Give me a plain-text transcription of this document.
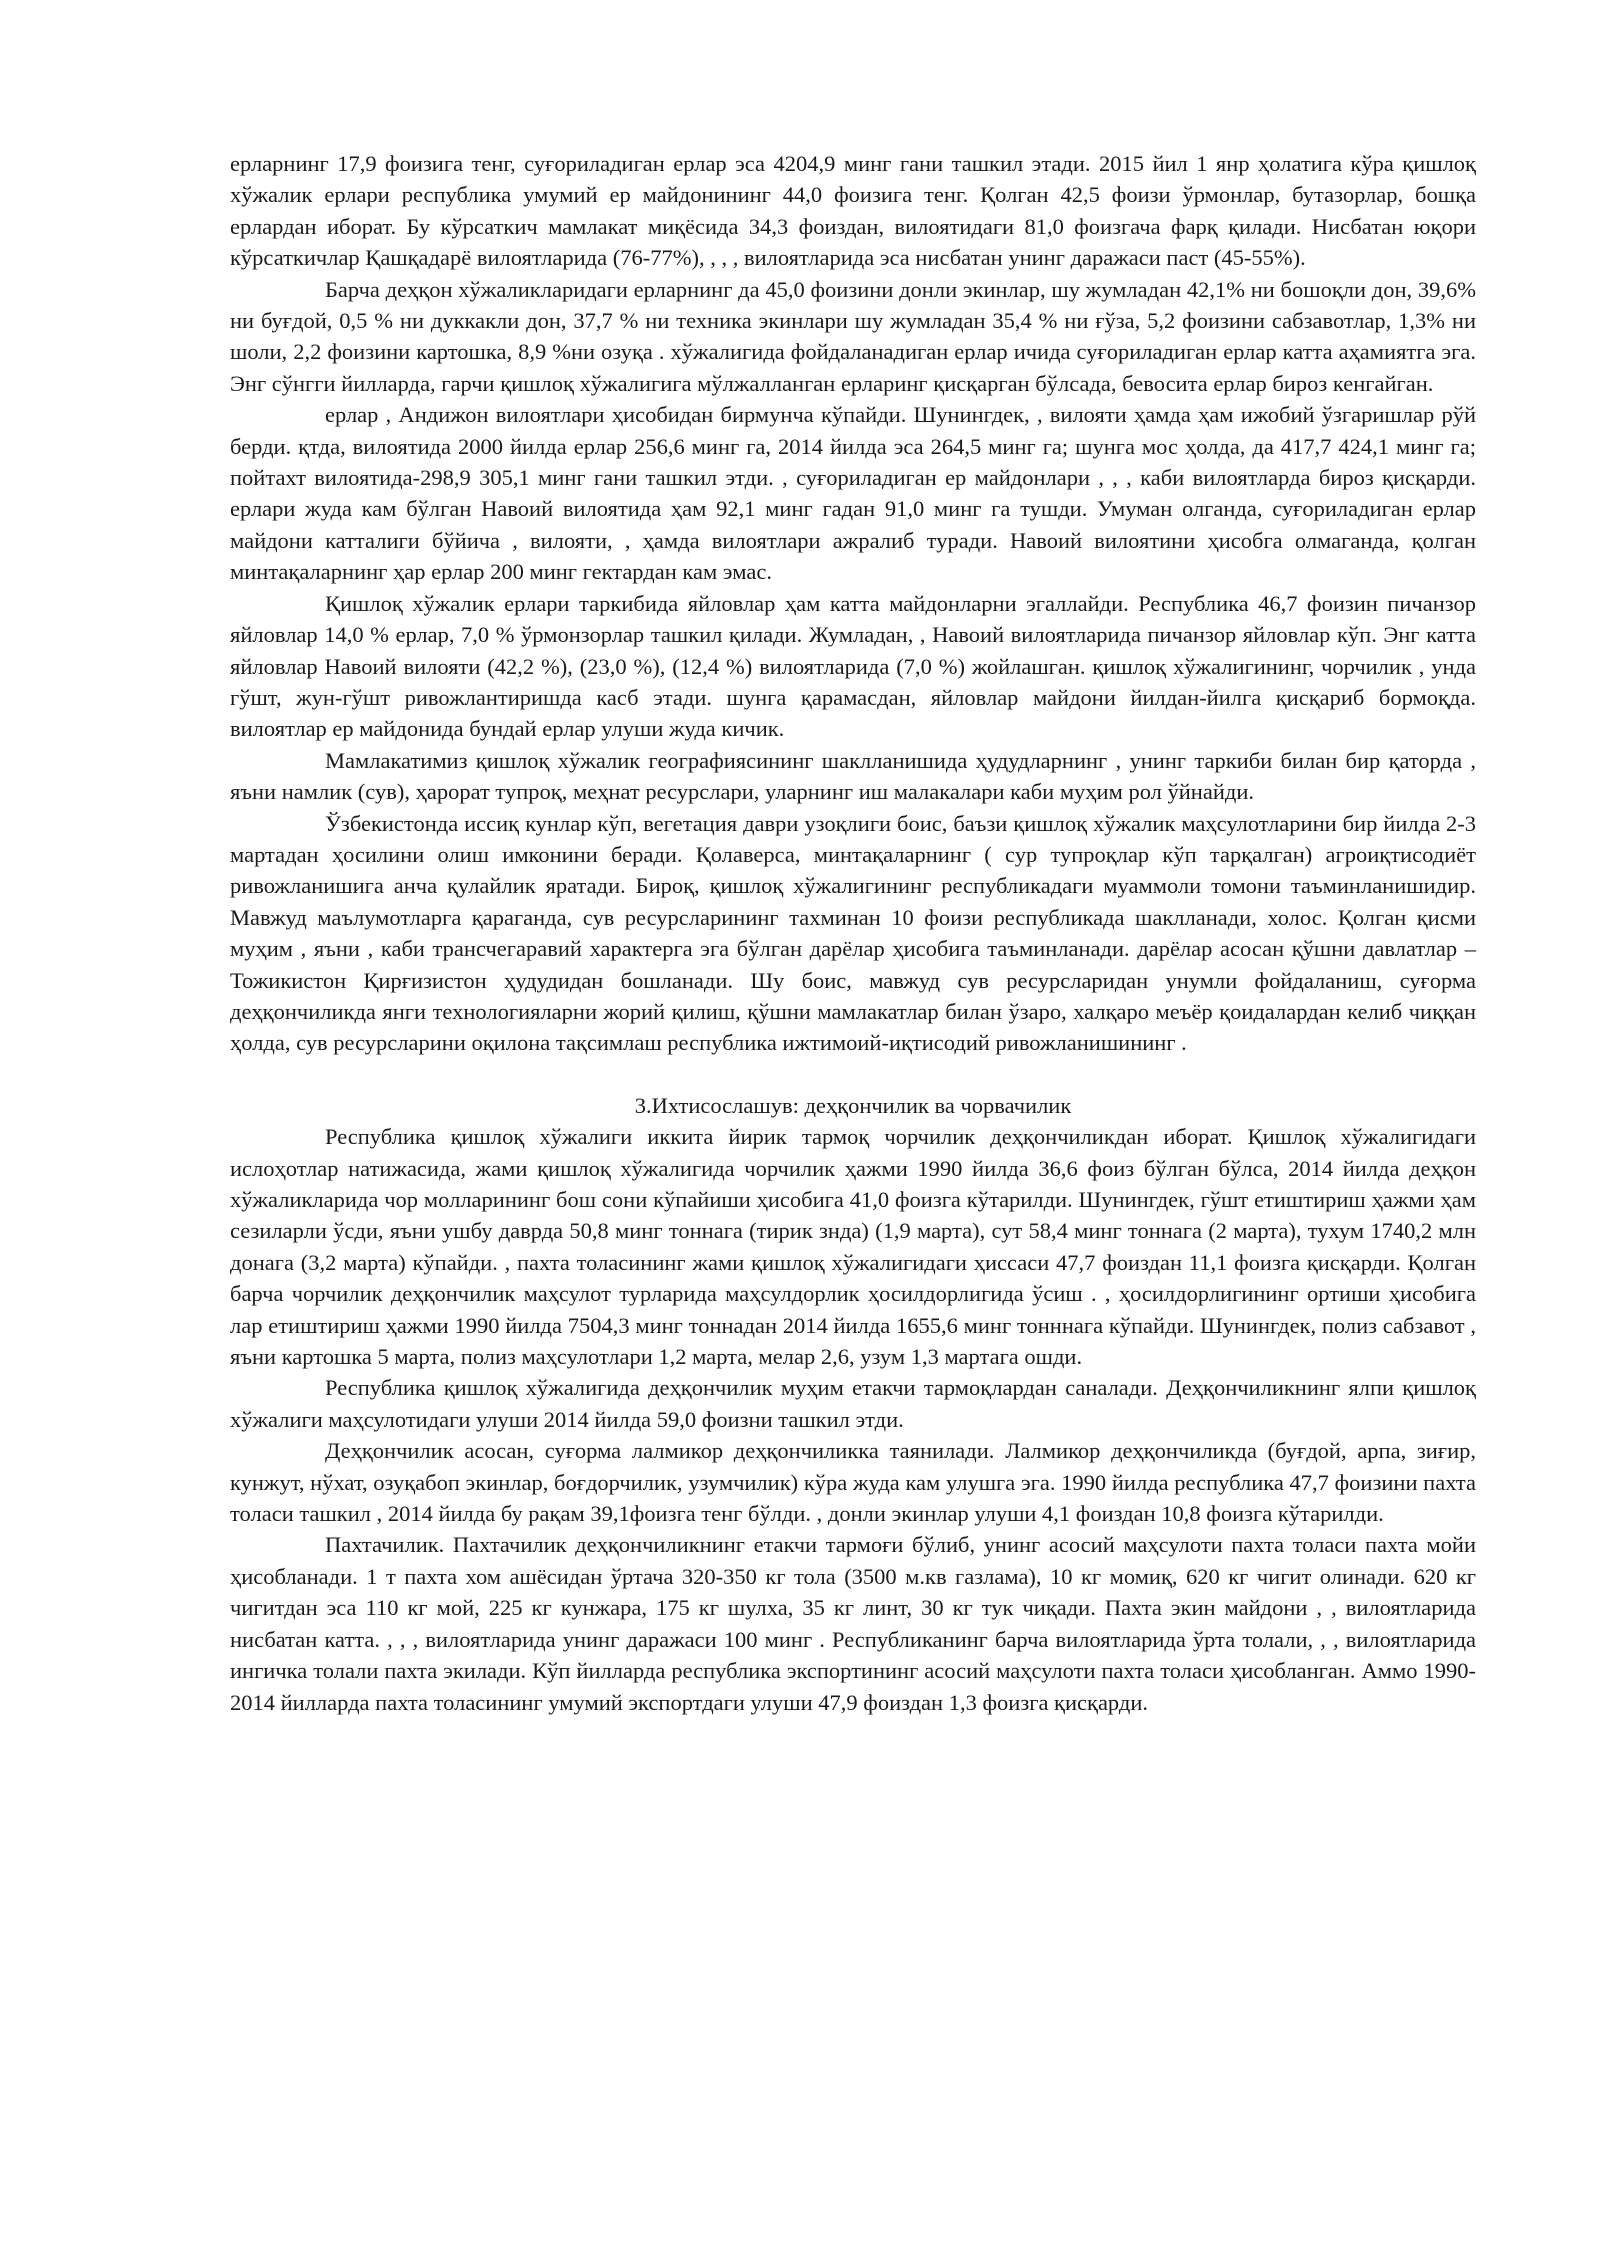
ерларнинг 17,9 фоизига тенг, суғориладиган ерлар эса 4204,9 минг гани ташкил этади. 2015 йил 1 янр ҳолатига кўра қишлоқ хўжалик ерлари республика умумий ер майдонининг 44,0 фоизига тенг. Қолган 42,5 фоизи ўрмонлар, бутазорлар, бошқа ерлардан иборат. Бу кўрсаткич мамлакат миқёсида 34,3 фоиздан, вилоятидаги 81,0 фоизгача фарқ қилади. Нисбатан юқори кўрсаткичлар Қашқадарё вилоятларида (76-77%), , , , вилоятларида эса нисбатан унинг даражаси паст (45-55%).

Барча деҳқон хўжаликларидаги ерларнинг да 45,0 фоизини донли экинлар, шу жумладан 42,1% ни бошоқли дон, 39,6% ни буғдой, 0,5 % ни дуккакли дон, 37,7 % ни техника экинлари шу жумладан 35,4 % ни ғўза, 5,2 фоизини сабзавотлар, 1,3% ни шоли, 2,2 фоизини картошка, 8,9 %ни озуқа . хўжалигида фойдаланадиган ерлар ичида суғориладиган ерлар катта аҳамиятга эга. Энг сўнгги йилларда, гарчи қишлоқ хўжалигига мўлжалланган ерларинг қисқарган бўлсада, бевосита ерлар бироз кенгайган.

ерлар , Андижон вилоятлари ҳисобидан бирмунча кўпайди. Шунингдек, , вилояти ҳамда ҳам ижобий ўзгаришлар рўй берди. қтда, вилоятида 2000 йилда ерлар 256,6 минг га, 2014 йилда эса 264,5 минг га; шунга мос ҳолда, да 417,7 424,1 минг га; пойтахт вилоятида-298,9 305,1 минг гани ташкил этди. , суғориладиган ер майдонлари , , , каби вилоятларда бироз қисқарди. ерлари жуда кам бўлган Навоий вилоятида ҳам 92,1 минг гадан 91,0 минг га тушди. Умуман олганда, суғориладиган ерлар майдони катталиги бўйича , вилояти, , ҳамда вилоятлари ажралиб туради. Навоий вилоятини ҳисобга олмаганда, қолган минтақаларнинг ҳар ерлар 200 минг гектардан кам эмас.

Қишлоқ хўжалик ерлари таркибида яйловлар ҳам катта майдонларни эгаллайди. Республика 46,7 фоизин пичанзор яйловлар 14,0 % ерлар, 7,0 % ўрмонзорлар ташкил қилади. Жумладан, , Навоий вилоятларида пичанзор яйловлар кўп. Энг катта яйловлар Навоий вилояти (42,2 %), (23,0 %), (12,4 %) вилоятларида (7,0 %) жойлашган. қишлоқ хўжалигининг, чорчилик , унда гўшт, жун-гўшт ривожлантиришда касб этади. шунга қарамасдан, яйловлар майдони йилдан-йилга қисқариб бормоқда. вилоятлар ер майдонида бундай ерлар улуши жуда кичик.

Мамлакатимиз қишлоқ хўжалик географиясининг шаклланишида ҳудудларнинг , унинг таркиби билан бир қаторда , яъни намлик (сув), ҳарорат тупроқ, меҳнат ресурслари, уларнинг иш малакалари каби муҳим рол ўйнайди.

Ўзбекистонда иссиқ кунлар кўп, вегетация даври узоқлиги боис, баъзи қишлоқ хўжалик маҳсулотларини бир йилда 2-3 мартадан ҳосилини олиш имконини беради. Қолаверса, минтақаларнинг ( сур тупроқлар кўп тарқалган) агроиқтисодиёт ривожланишига анча қулайлик яратади. Бироқ, қишлоқ хўжалигининг республикадаги муаммоли томони таъминланишидир. Мавжуд маълумотларга қараганда, сув ресурсларининг тахминан 10 фоизи республикада шаклланади, холос. Қолган қисми муҳим , яъни , каби трансчегаравий характерга эга бўлган дарёлар ҳисобига таъминланади. дарёлар асосан қўшни давлатлар – Тожикистон Қирғизистон ҳудудидан бошланади. Шу боис, мавжуд сув ресурсларидан унумли фойдаланиш, суғорма деҳқончиликда янги технологияларни жорий қилиш, қўшни мамлакатлар билан ўзаро, халқаро меъёр қоидалардан келиб чиққан ҳолда, сув ресурсларини оқилона тақсимлаш республика ижтимоий-иқтисодий ривожланишининг .

3.Ихтисослашув: деҳқончилик ва чорвачилик

Республика қишлоқ хўжалиги иккита йирик тармоқ чорчилик деҳқончиликдан иборат. Қишлоқ хўжалигидаги ислоҳотлар натижасида, жами қишлоқ хўжалигида чорчилик ҳажми 1990 йилда 36,6 фоиз бўлган бўлса, 2014 йилда деҳқон хўжаликларида чор молларининг бош сони кўпайиши ҳисобига 41,0 фоизга кўтарилди. Шунингдек, гўшт етиштириш ҳажми ҳам сезиларли ўсди, яъни ушбу даврда 50,8 минг тоннага (тирик знда) (1,9 марта), сут 58,4 минг тоннага (2 марта), тухум 1740,2 млн донага (3,2 марта) кўпайди. , пахта толасининг жами қишлоқ хўжалигидаги ҳиссаси 47,7 фоиздан 11,1 фоизга қисқарди. Қолган барча чорчилик деҳқончилик маҳсулот турларида маҳсулдорлик ҳосилдорлигида ўсиш . , ҳосилдорлигининг ортиши ҳисобига лар етиштириш ҳажми 1990 йилда 7504,3 минг тоннадан 2014 йилда 1655,6 минг тонннага кўпайди. Шунингдек, полиз сабзавот , яъни картошка 5 марта, полиз маҳсулотлари 1,2 марта, мелар 2,6, узум 1,3 мартага ошди.

Республика қишлоқ хўжалигида деҳқончилик муҳим етакчи тармоқлардан саналади. Деҳқончиликнинг ялпи қишлоқ хўжалиги маҳсулотидаги улуши 2014 йилда 59,0 фоизни ташкил этди.

Деҳқончилик асосан, суғорма лалмикор деҳқончиликка таянилади. Лалмикор деҳқончиликда (буғдой, арпа, зиғир, кунжут, нўхат, озуқабоп экинлар, боғдорчилик, узумчилик) кўра жуда кам улушга эга. 1990 йилда республика 47,7 фоизини пахта толаси ташкил , 2014 йилда бу рақам 39,1фоизга тенг бўлди. , донли экинлар улуши 4,1 фоиздан 10,8 фоизга кўтарилди.

Пахтачилик. Пахтачилик деҳқончиликнинг етакчи тармоғи бўлиб, унинг асосий маҳсулоти пахта толаси пахта мойи ҳисобланади. 1 т пахта хом ашёсидан ўртача 320-350 кг тола (3500 м.кв газлама), 10 кг момиқ, 620 кг чигит олинади. 620 кг чигитдан эса 110 кг мой, 225 кг кунжара, 175 кг шулха, 35 кг линт, 30 кг тук чиқади. Пахта экин майдони , , вилоятларида нисбатан катта. , , , вилоятларида унинг даражаси 100 минг . Республиканинг барча вилоятларида ўрта толали, , , вилоятларида ингичка толали пахта экилади. Кўп йилларда республика экспортининг асосий маҳсулоти пахта толаси ҳисобланган. Аммо 1990-2014 йилларда пахта толасининг умумий экспортдаги улуши 47,9 фоиздан 1,3 фоизга қисқарди.
